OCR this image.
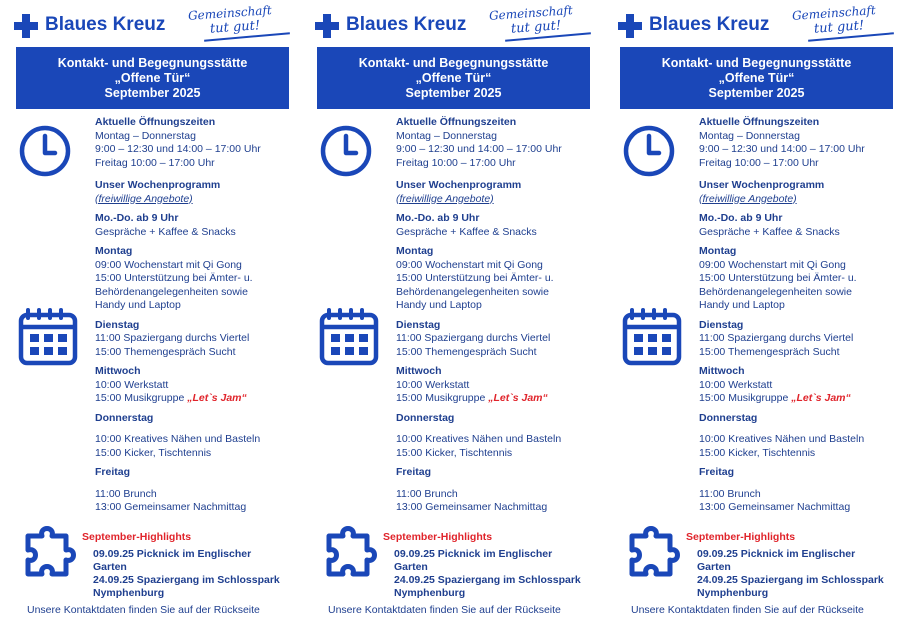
Blaues Kreuz
Gemeinschaft
tut gut!
Kontakt- und Begegnungsstätte
„Offene Tür“
September 2025
Aktuelle Öffnungszeiten
Montag – Donnerstag
9:00 – 12:30 und 14:00 – 17:00 Uhr
Freitag 10:00 – 17:00 Uhr
Unser Wochenprogramm
(freiwillige Angebote)
Mo.-Do. ab 9 Uhr
Gespräche + Kaffee & Snacks
Montag
09:00 Wochenstart mit Qi Gong
15:00 Unterstützung bei Ämter- u.
Behördenangelegenheiten sowie
Handy und Laptop
Dienstag
11:00 Spaziergang durchs Viertel
15:00 Themengespräch Sucht
Mittwoch
10:00 Werkstatt
15:00 Musikgruppe „Let`s Jam“
Donnerstag
10:00 Kreatives Nähen und Basteln
15:00 Kicker, Tischtennis
Freitag
11:00 Brunch
13:00 Gemeinsamer Nachmittag
September-Highlights
09.09.25 Picknick im Englischer
Garten
24.09.25 Spaziergang im Schlosspark
Nymphenburg
Unsere Kontaktdaten finden Sie auf der Rückseite
Blaues Kreuz
Gemeinschaft
tut gut!
Kontakt- und Begegnungsstätte
„Offene Tür“
September 2025
Aktuelle Öffnungszeiten
Montag – Donnerstag
9:00 – 12:30 und 14:00 – 17:00 Uhr
Freitag 10:00 – 17:00 Uhr
Unser Wochenprogramm
(freiwillige Angebote)
Mo.-Do. ab 9 Uhr
Gespräche + Kaffee & Snacks
Montag
09:00 Wochenstart mit Qi Gong
15:00 Unterstützung bei Ämter- u.
Behördenangelegenheiten sowie
Handy und Laptop
Dienstag
11:00 Spaziergang durchs Viertel
15:00 Themengespräch Sucht
Mittwoch
10:00 Werkstatt
15:00 Musikgruppe „Let`s Jam“
Donnerstag
10:00 Kreatives Nähen und Basteln
15:00 Kicker, Tischtennis
Freitag
11:00 Brunch
13:00 Gemeinsamer Nachmittag
September-Highlights
09.09.25 Picknick im Englischer
Garten
24.09.25 Spaziergang im Schlosspark
Nymphenburg
Unsere Kontaktdaten finden Sie auf der Rückseite
Blaues Kreuz
Gemeinschaft
tut gut!
Kontakt- und Begegnungsstätte
„Offene Tür“
September 2025
Aktuelle Öffnungszeiten
Montag – Donnerstag
9:00 – 12:30 und 14:00 – 17:00 Uhr
Freitag 10:00 – 17:00 Uhr
Unser Wochenprogramm
(freiwillige Angebote)
Mo.-Do. ab 9 Uhr
Gespräche + Kaffee & Snacks
Montag
09:00 Wochenstart mit Qi Gong
15:00 Unterstützung bei Ämter- u.
Behördenangelegenheiten sowie
Handy und Laptop
Dienstag
11:00 Spaziergang durchs Viertel
15:00 Themengespräch Sucht
Mittwoch
10:00 Werkstatt
15:00 Musikgruppe „Let`s Jam“
Donnerstag
10:00 Kreatives Nähen und Basteln
15:00 Kicker, Tischtennis
Freitag
11:00 Brunch
13:00 Gemeinsamer Nachmittag
September-Highlights
09.09.25 Picknick im Englischer
Garten
24.09.25 Spaziergang im Schlosspark
Nymphenburg
Unsere Kontaktdaten finden Sie auf der Rückseite
